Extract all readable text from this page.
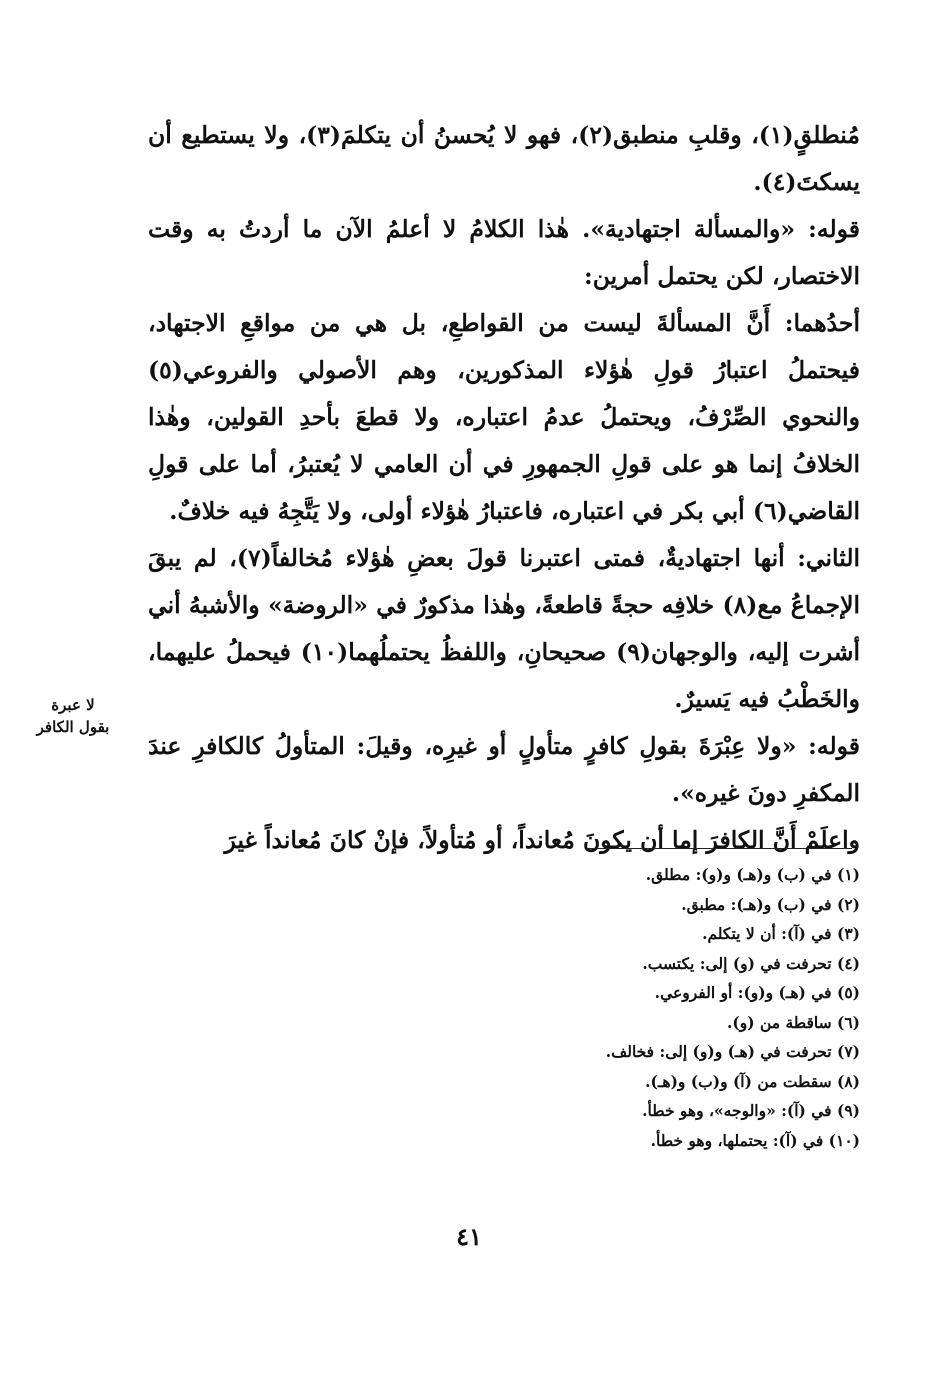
مُنطلقٍ(١)، وقلبِ منطبق(٢)، فهو لا يُحسنُ أن يتكلمَ(٣)، ولا يستطيع أن يسكتَ(٤).

قوله: «والمسألة اجتهادية». هٰذا الكلامُ لا أعلمُ الآن ما أردتُ به وقت الاختصار، لكن يحتمل أمرين:

أحدُهما: أَنَّ المسألةَ ليست من القواطعِ، بل هي من مواقعِ الاجتهاد، فيحتملُ اعتبارُ قولِ هٰؤلاء المذكورين، وهم الأصولي والفروعي(٥) والنحوي الصِّرْفُ، ويحتملُ عدمُ اعتباره، ولا قطعَ بأحدِ القولين، وهٰذا الخلافُ إنما هو على قولِ الجمهورِ في أن العامي لا يُعتبرُ، أما على قولِ القاضي(٦) أبي بكر في اعتباره، فاعتبارُ هٰؤلاء أولى، ولا يَتَّجِهُ فيه خلافٌ.

الثاني: أنها اجتهاديةٌ، فمتى اعتبرنا قولَ بعضِ هٰؤلاء مُخالفاً(٧)، لم يبقَ الإجماعُ مع(٨) خلافِه حجةً قاطعةً، وهٰذا مذكورٌ في «الروضة» والأشبهُ أني أشرت إليه، والوجهان(٩) صحيحانِ، واللفظُ يحتملُهما(١٠) فيحملُ عليهما، والخَطْبُ فيه يَسيرٌ.

قوله: «ولا عِبْرَةَ بقولِ كافرٍ متأولٍ أو غيرِه، وقيلَ: المتأولُ كالكافرِ عندَ المكفرِ دونَ غيره».

واعلَمْ أَنَّ الكافرَ إما أن يكونَ مُعانداً، أو مُتأولاً، فإنْ كانَ مُعانداً غيرَ

لا عبرة
بقول الكافر
(١) في (ب) و(هـ) و(و): مطلق.
(٢) في (ب) و(هـ): مطبق.
(٣) في (آ): أن لا يتكلم.
(٤) تحرفت في (و) إلى: يكتسب.
(٥) في (هـ) و(و): أو الفروعي.
(٦) ساقطة من (و).
(٧) تحرفت في (هـ) و(و) إلى: فخالف.
(٨) سقطت من (آ) و(ب) و(هـ).
(٩) في (آ): «والوجه»، وهو خطأ.
(١٠) في (آ): يحتملها، وهو خطأ.
٤١
